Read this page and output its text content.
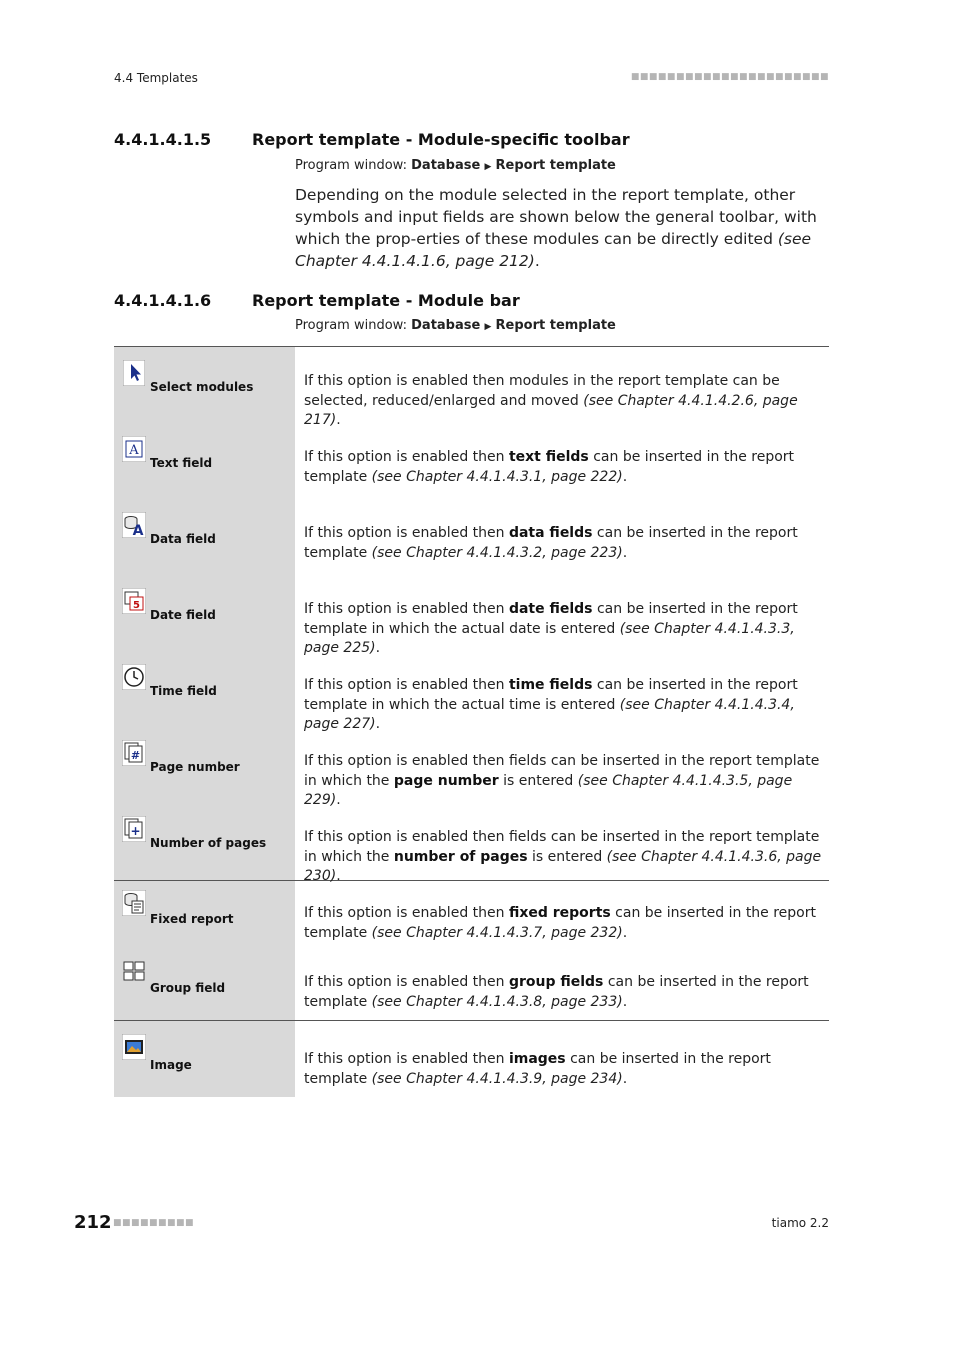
4.4 Templates	■■■■■■■■■■■■■■■■■■■■■■
4.4.1.4.1.5	Report template - Module-specific toolbar
Program window: Database ▶ Report template
Depending on the module selected in the report template, other symbols and input fields are shown below the general toolbar, with which the prop-erties of these modules can be directly edited (see Chapter 4.4.1.4.1.6, page 212).
4.4.1.4.1.6	Report template - Module bar
Program window: Database ▶ Report template
Select modules	If this option is enabled then modules in the report template can be selected, reduced/enlarged and moved (see Chapter 4.4.1.4.2.6, page 217).
A
Text field	If this option is enabled then text fields can be inserted in the report template (see Chapter 4.4.1.4.3.1, page 222).
A Data field	If this option is enabled then data fields can be inserted in the report template (see Chapter 4.4.1.4.3.2, page 223).
5
Date field	If this option is enabled then date fields can be inserted in the report template in which the actual date is entered (see Chapter 4.4.1.4.3.3, page 225).
Time field	If this option is enabled then time fields can be inserted in the report template in which the actual time is entered (see Chapter 4.4.1.4.3.4, page 227).
#
Page number	If this option is enabled then fields can be inserted in the report template in which the page number is entered (see Chapter 4.4.1.4.3.5, page 229).
+
Number of pages	If this option is enabled then fields can be inserted in the report template in which the number of pages is entered (see Chapter 4.4.1.4.3.6, page 230).
Fixed report	If this option is enabled then fixed reports can be inserted in the report template (see Chapter 4.4.1.4.3.7, page 232).
Group field	If this option is enabled then group fields can be inserted in the report template (see Chapter 4.4.1.4.3.8, page 233).
Image	If this option is enabled then images can be inserted in the report template (see Chapter 4.4.1.4.3.9, page 234).
212 ■■■■■■■■■	tiamo 2.2
